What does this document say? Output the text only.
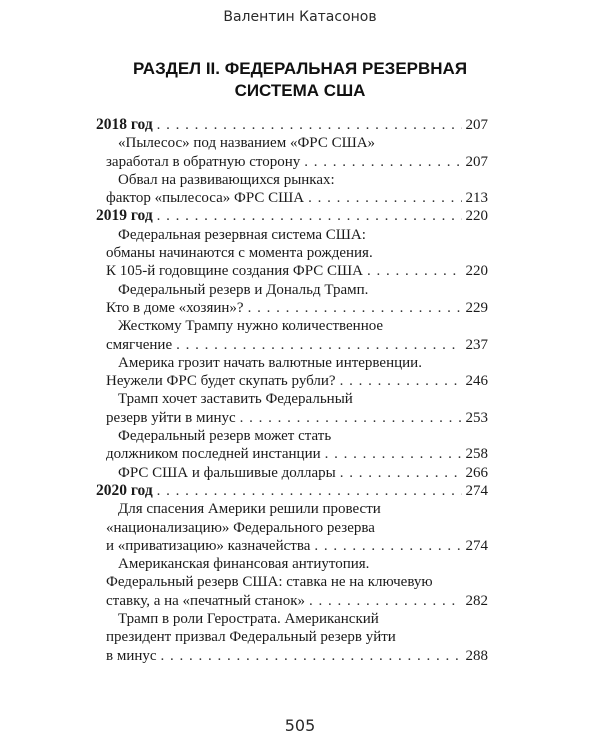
Валентин Катасонов
РАЗДЕЛ II. ФЕДЕРАЛЬНАЯ РЕЗЕРВНАЯ
СИСТЕМА США
2018 год . . .	207
«Пылесос» под названием «ФРС США»
заработал в обратную сторону . . .	207
Обвал на развивающихся рынках:
фактор «пылесоса» ФРС США . . .	213
2019 год . . .	220
Федеральная резервная система США:
обманы начинаются с момента рождения.
К 105-й годовщине создания ФРС США . . .	220
Федеральный резерв и Дональд Трамп.
Кто в доме «хозяин»? . . .	229
Жесткому Трампу нужно количественное
смягчение . . .	237
Америка грозит начать валютные интервенции.
Неужели ФРС будет скупать рубли? . . .	246
Трамп хочет заставить Федеральный
резерв уйти в минус . . .	253
Федеральный резерв может стать
должником последней инстанции . . .	258
ФРС США и фальшивые доллары . . .	266
2020 год . . .	274
Для спасения Америки решили провести
«национализацию» Федерального резерва
и «приватизацию» казначейства . . .	274
Американская финансовая антиутопия.
Федеральный резерв США: ставка не на ключевую
ставку, а на «печатный станок» . . .	282
Трамп в роли Герострата. Американский
президент призвал Федеральный резерв уйти
в минус . . .	288
505
